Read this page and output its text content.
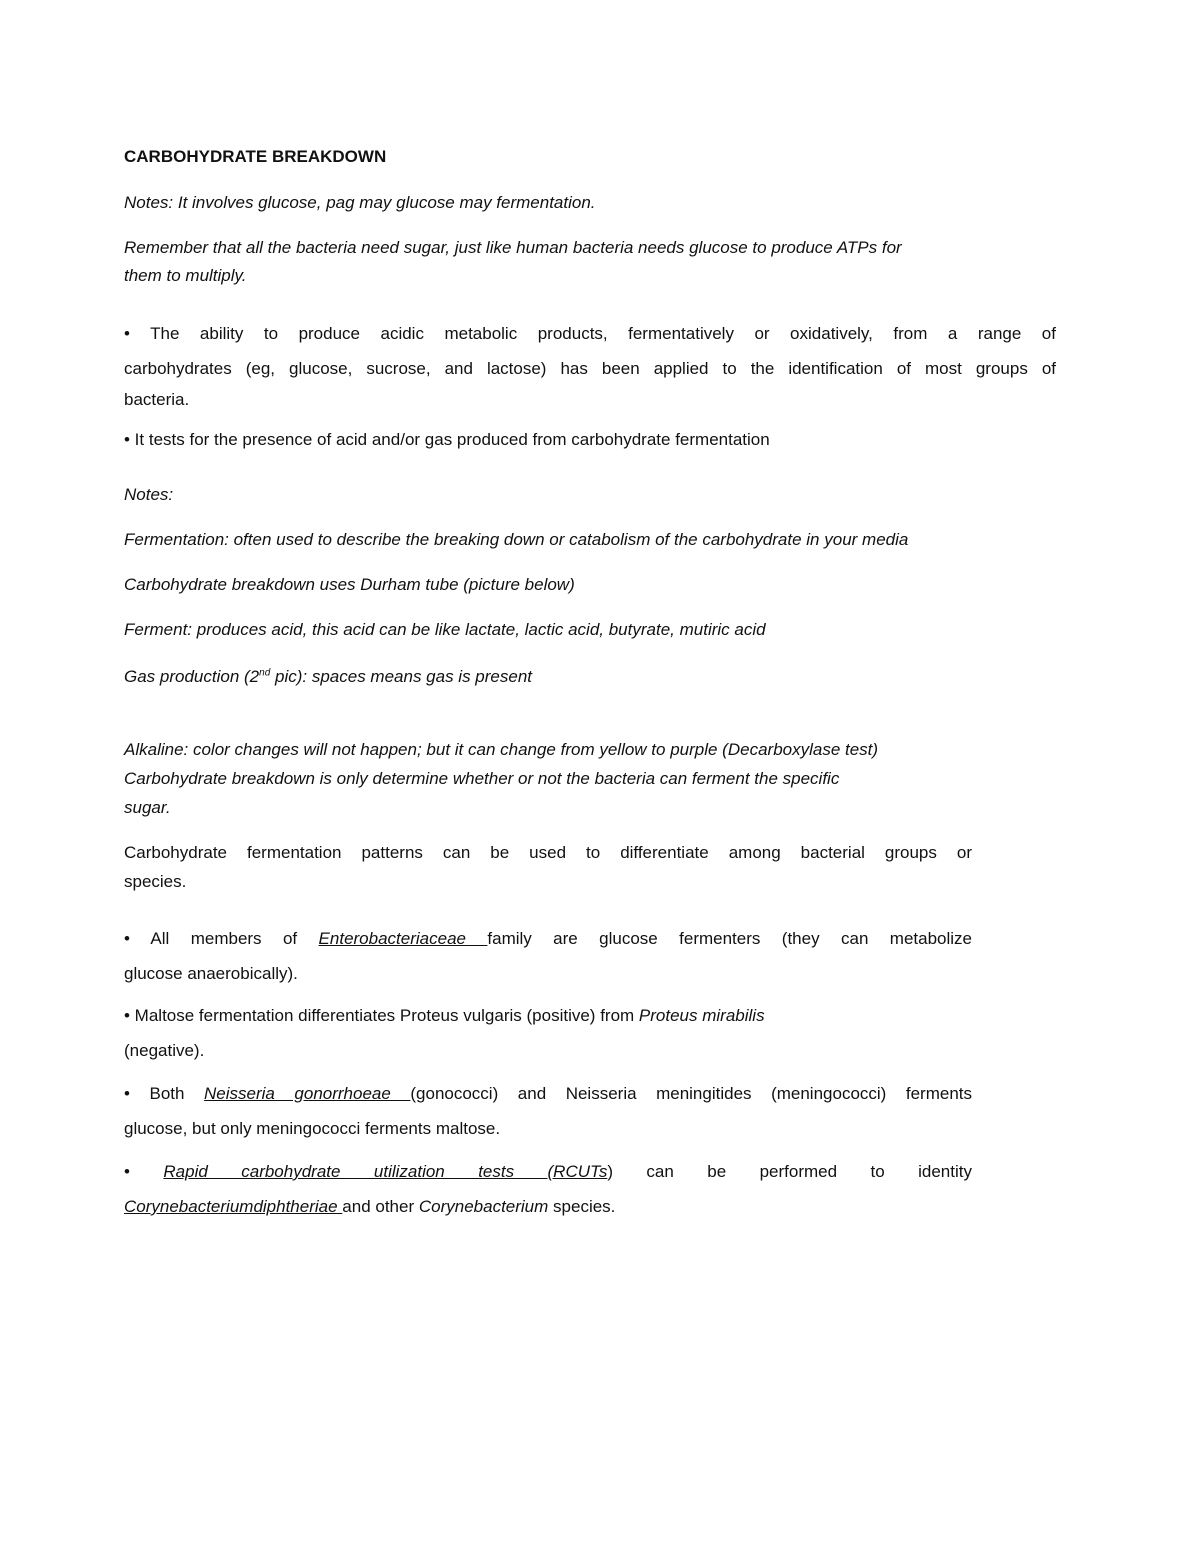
CARBOHYDRATE BREAKDOWN
Notes: It involves glucose, pag may glucose may fermentation.
Remember that all the bacteria need sugar, just like human bacteria needs glucose to produce ATPs for
them to multiply.
• The ability to produce acidic metabolic products, fermentatively or oxidatively, from a range of
carbohydrates (eg, glucose, sucrose, and lactose) has been applied to the identification of most groups of
bacteria.
• It tests for the presence of acid and/or gas produced from carbohydrate fermentation
Notes:
Fermentation: often used to describe the breaking down or catabolism of the carbohydrate in your media
Carbohydrate breakdown uses Durham tube (picture below)
Ferment: produces acid, this acid can be like lactate, lactic acid, butyrate, mutiric acid
Gas production (2nd pic): spaces means gas is present
Alkaline: color changes will not happen; but it can change from yellow to purple (Decarboxylase test)
Carbohydrate breakdown is only determine whether or not the bacteria can ferment the specific
sugar.
Carbohydrate fermentation patterns can be used to differentiate among bacterial groups or
species.
• All members of Enterobacteriaceae family are glucose fermenters (they can metabolize
glucose anaerobically).
• Maltose fermentation differentiates Proteus vulgaris (positive) from Proteus mirabilis
(negative).
• Both Neisseria gonorrhoeae (gonococci) and Neisseria meningitides (meningococci) ferments
glucose, but only meningococci ferments maltose.
• Rapid carbohydrate utilization tests (RCUTs) can be performed to identity
Corynebacteriumdiphtheriae and other Corynebacterium species.
